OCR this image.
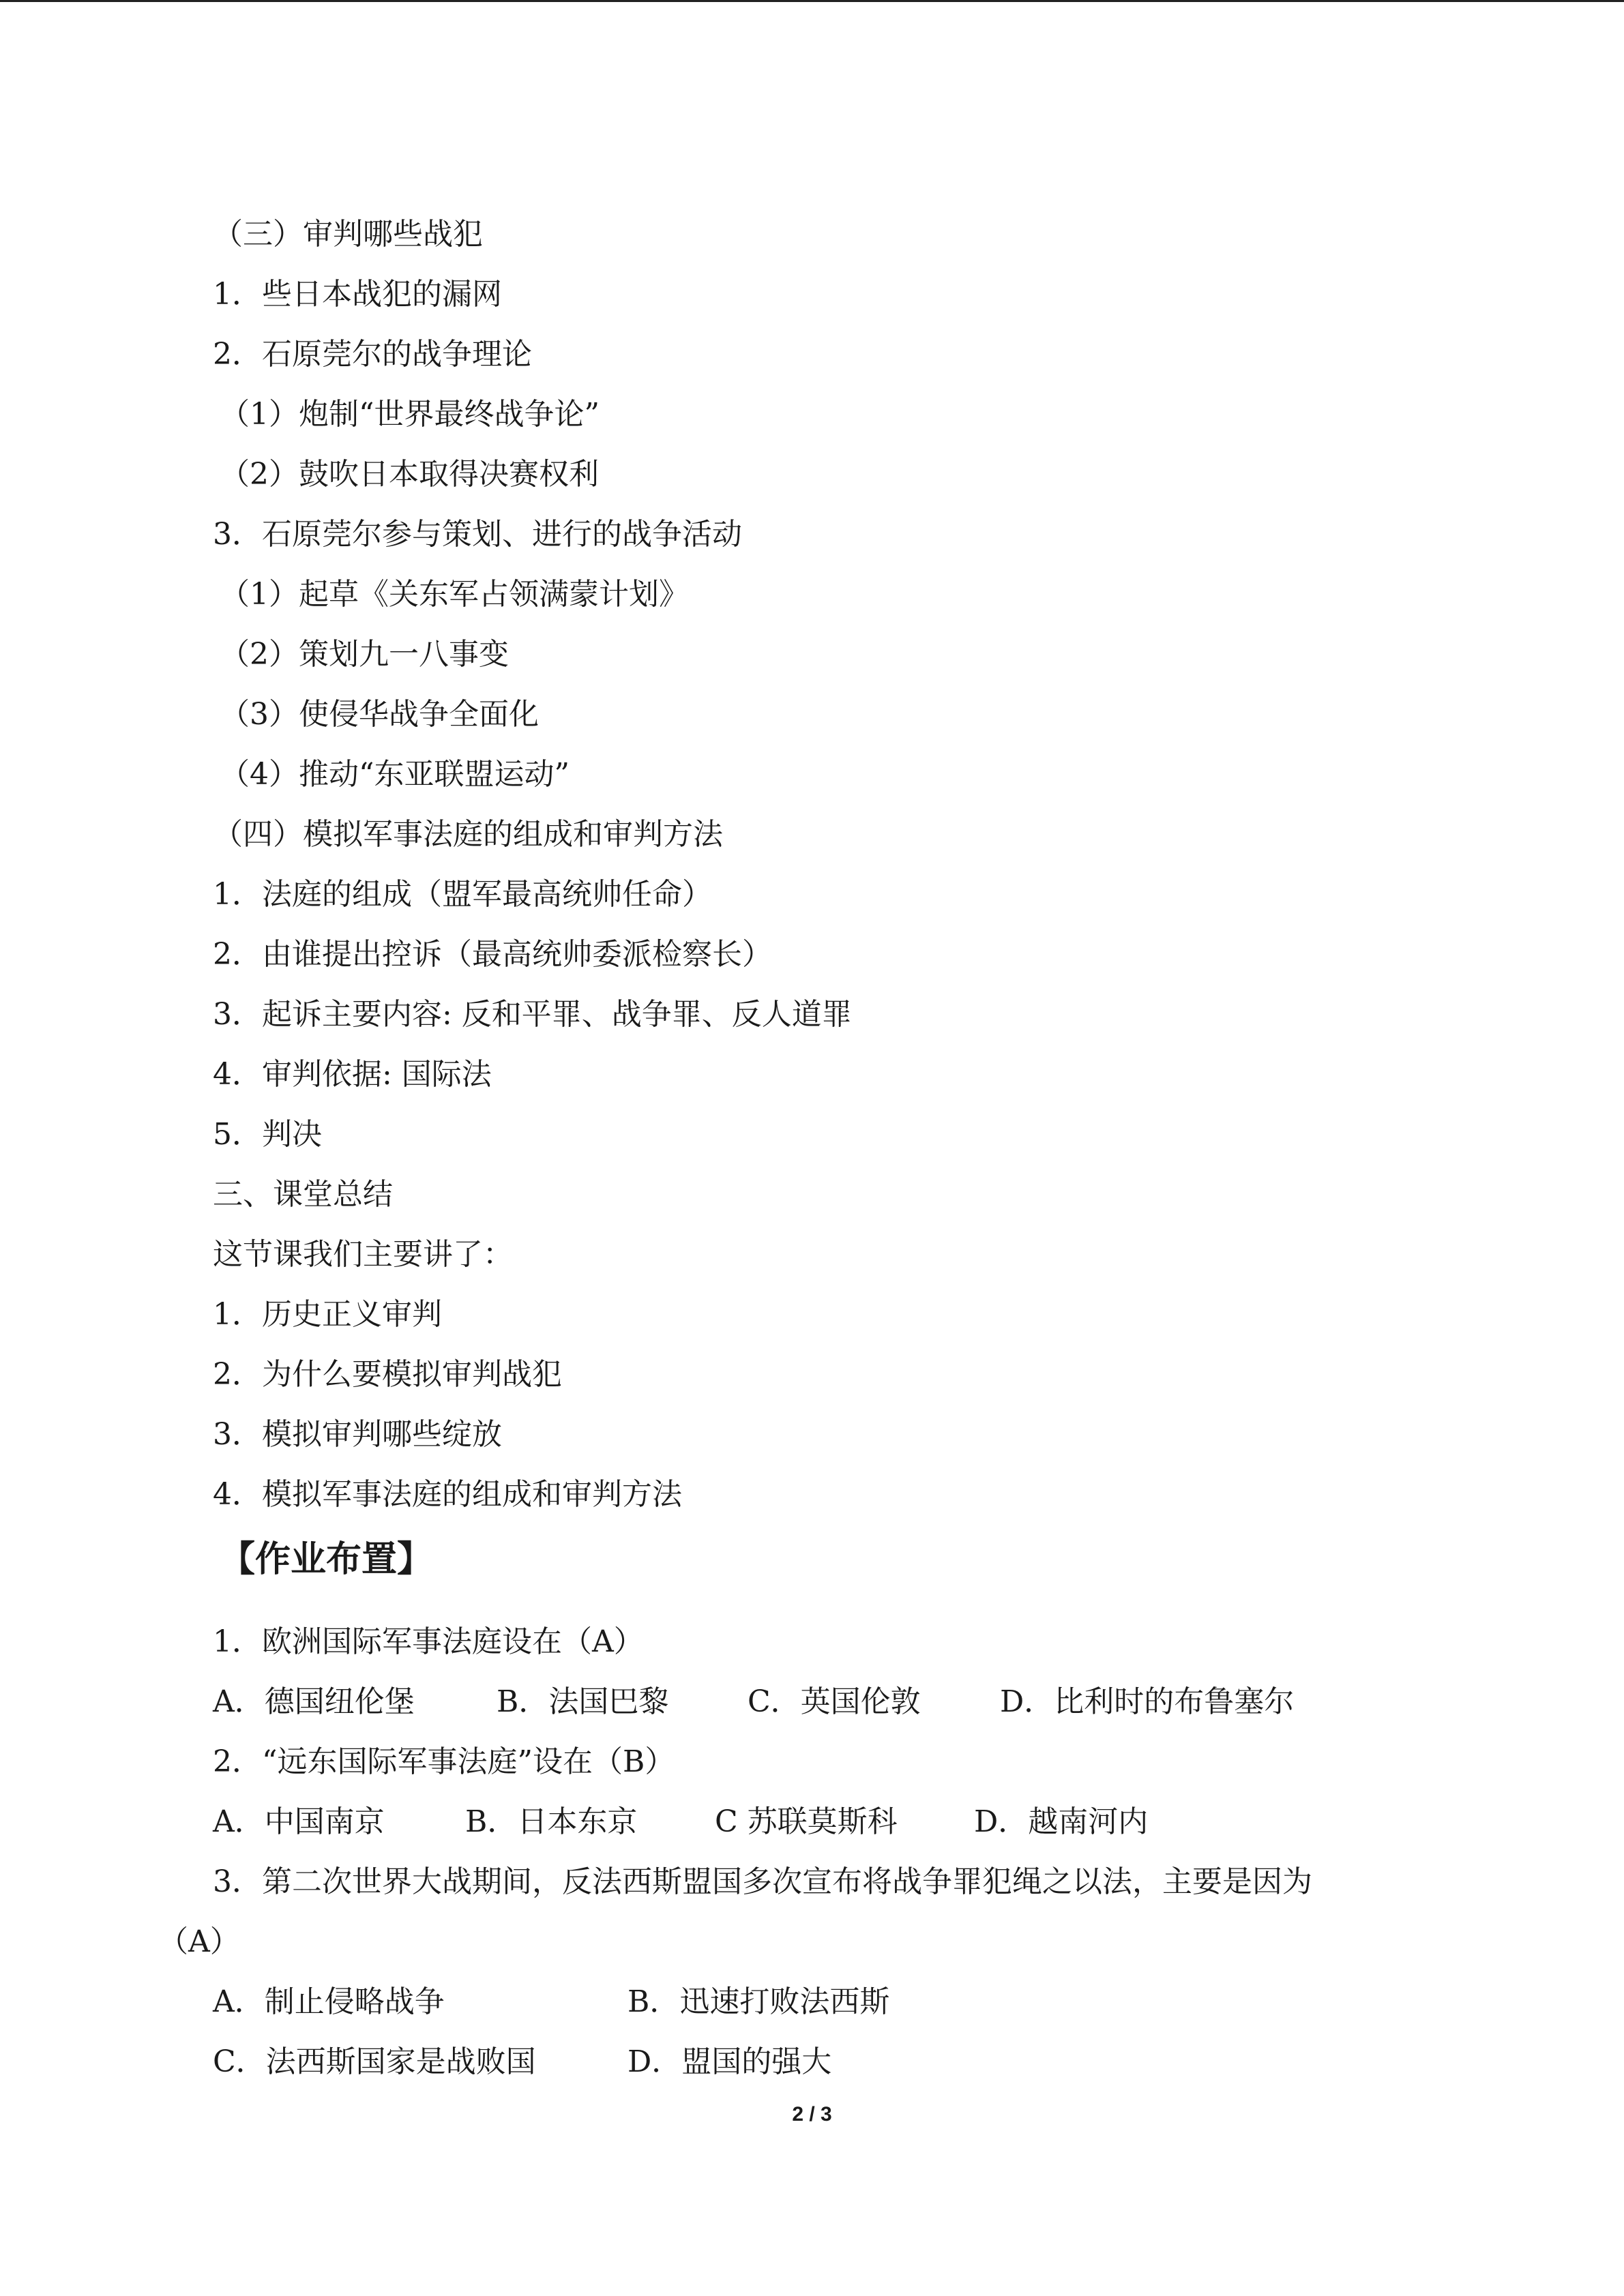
（三）审判哪些战犯
1．些日本战犯的漏网
2．石原莞尔的战争理论
（1）炮制“世界最终战争论”
（2）鼓吹日本取得决赛权利
3．石原莞尔参与策划、进行的战争活动
（1）起草《关东军占领满蒙计划》
（2）策划九一八事变
（3）使侵华战争全面化
（4）推动“东亚联盟运动”
（四）模拟军事法庭的组成和审判方法
1．法庭的组成（盟军最高统帅任命）
2．由谁提出控诉（最高统帅委派检察长）
3．起诉主要内容: 反和平罪、战争罪、反人道罪
4．审判依据: 国际法
5．判决
三、课堂总结
这节课我们主要讲了：
1．历史正义审判
2．为什么要模拟审判战犯
3．模拟审判哪些绽放
4．模拟军事法庭的组成和审判方法
【作业布置】
1．欧洲国际军事法庭设在（A）
A．德国纽伦堡	B．法国巴黎	C．英国伦敦	D．比利时的布鲁塞尔
2．“远东国际军事法庭”设在（B）
A．中国南京	B．日本东京	C 苏联莫斯科	D．越南河内
3．第二次世界大战期间，反法西斯盟国多次宣布将战争罪犯绳之以法，主要是因为
（A）
A．制止侵略战争	B．迅速打败法西斯
C．法西斯国家是战败国	D．盟国的强大
2 / 3
